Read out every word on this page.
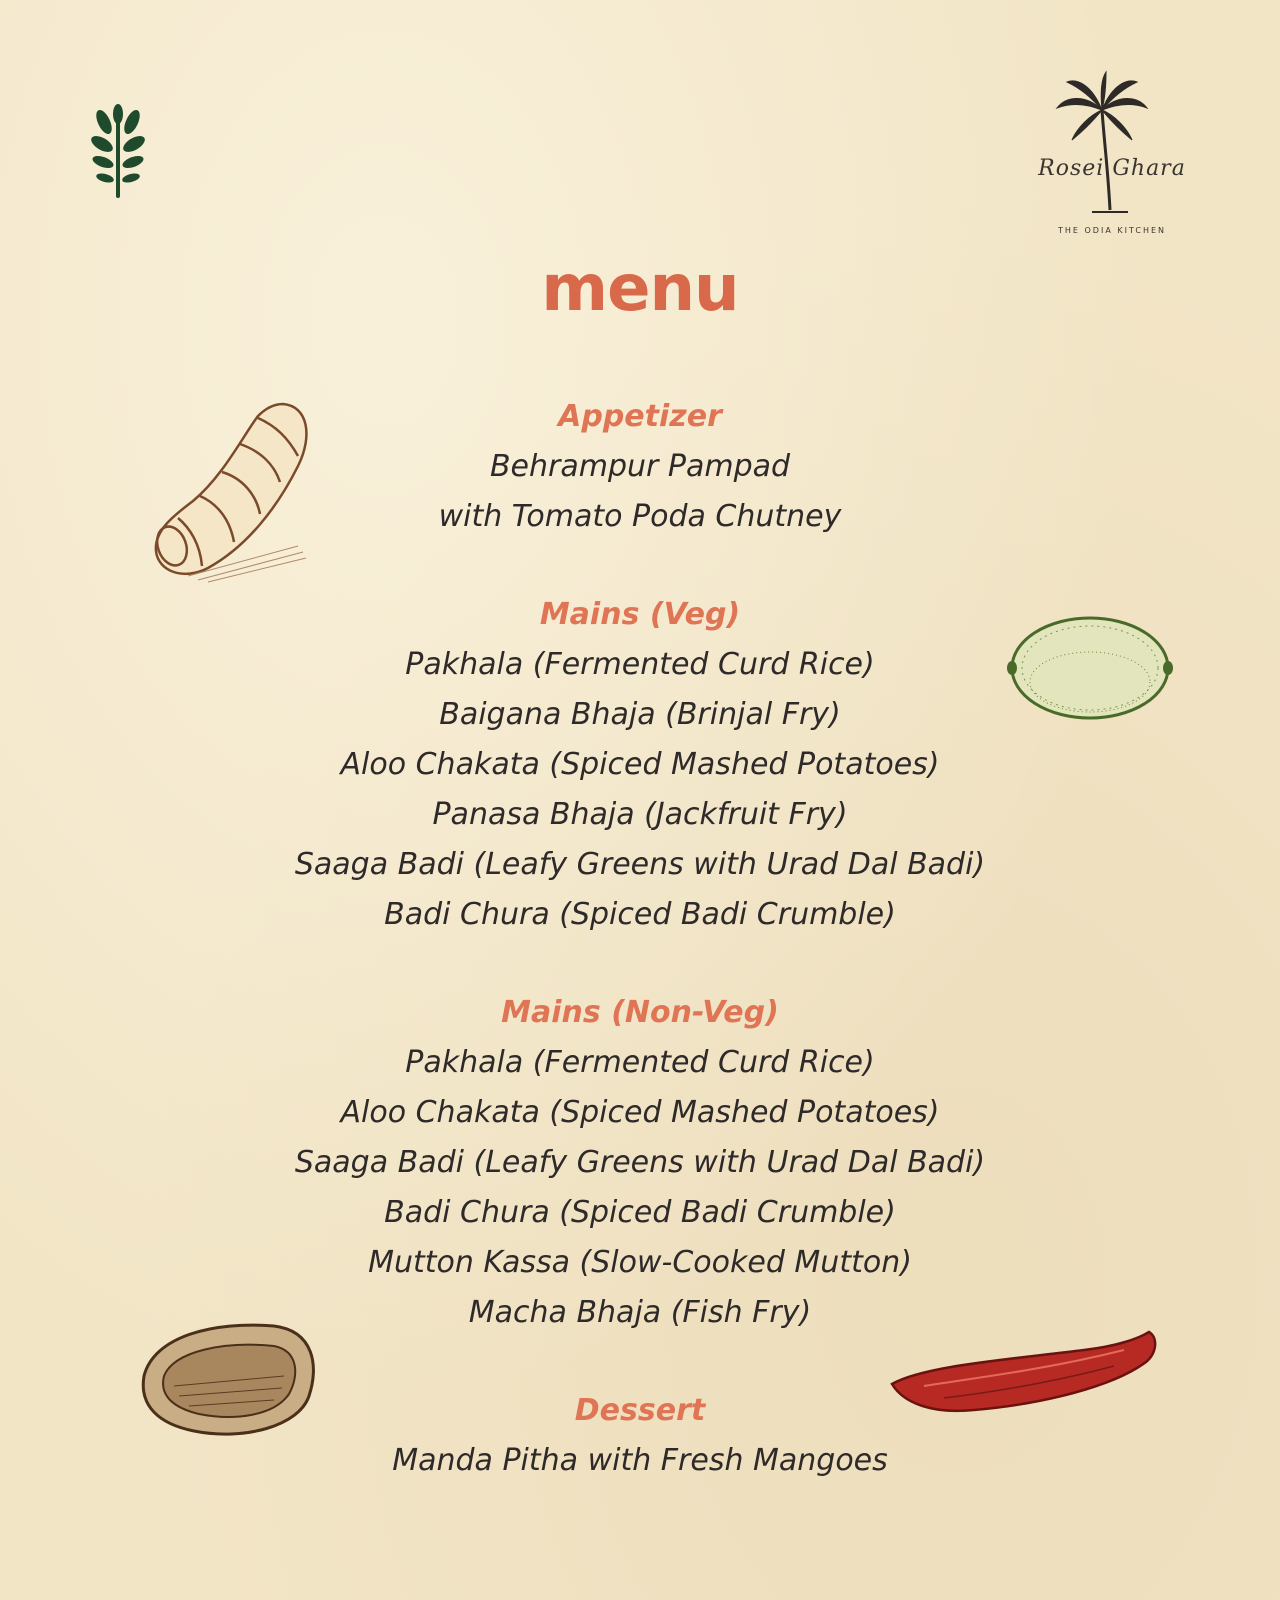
Rosei Ghara
THE ODIA KITCHEN
menu
Appetizer
Behrampur Pampad
with Tomato Poda Chutney
Mains (Veg)
Pakhala (Fermented Curd Rice)
Baigana Bhaja (Brinjal Fry)
Aloo Chakata (Spiced Mashed Potatoes)
Panasa Bhaja (Jackfruit Fry)
Saaga Badi (Leafy Greens with Urad Dal Badi)
Badi Chura (Spiced Badi Crumble)
Mains (Non-Veg)
Pakhala (Fermented Curd Rice)
Aloo Chakata (Spiced Mashed Potatoes)
Saaga Badi (Leafy Greens with Urad Dal Badi)
Badi Chura (Spiced Badi Crumble)
Mutton Kassa (Slow-Cooked Mutton)
Macha Bhaja (Fish Fry)
Dessert
Manda Pitha with Fresh Mangoes
